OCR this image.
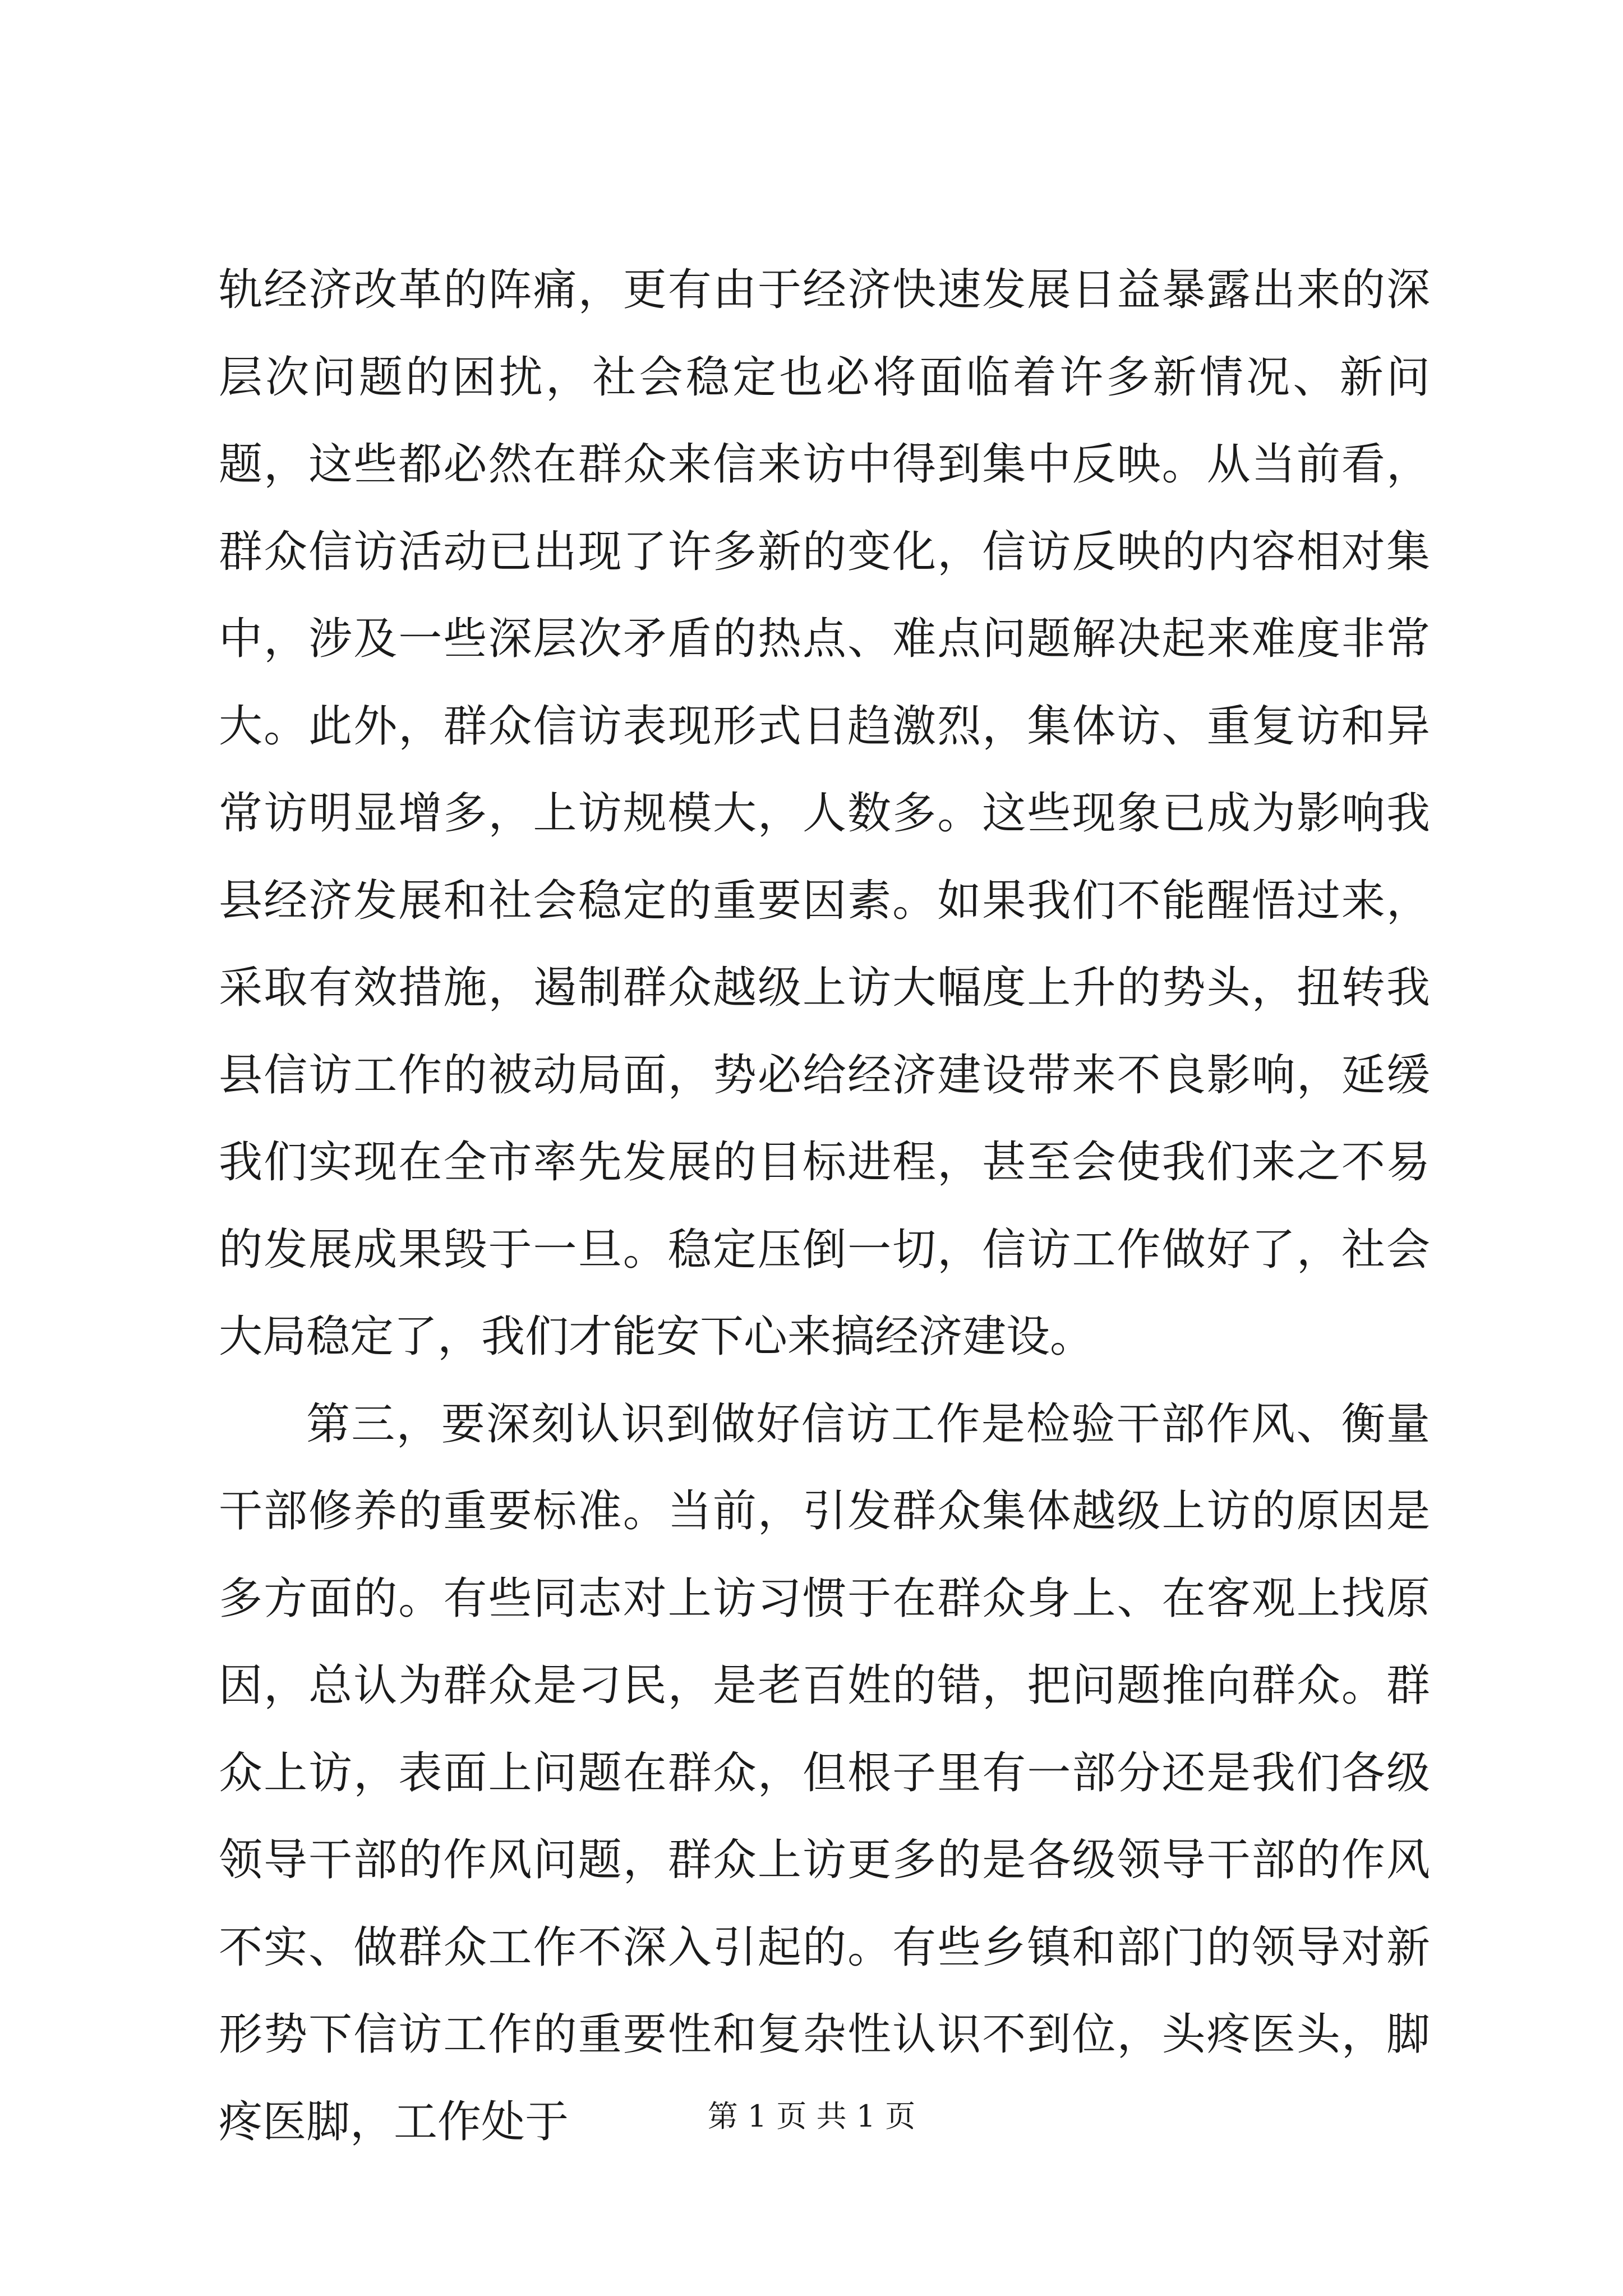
轨经济改革的阵痛，更有由于经济快速发展日益暴露出来的深层次问题的困扰，社会稳定也必将面临着许多新情况、新问题，这些都必然在群众来信来访中得到集中反映。从当前看，群众信访活动已出现了许多新的变化，信访反映的内容相对集中，涉及一些深层次矛盾的热点、难点问题解决起来难度非常大。此外，群众信访表现形式日趋激烈，集体访、重复访和异常访明显增多，上访规模大，人数多。这些现象已成为影响我县经济发展和社会稳定的重要因素。如果我们不能醒悟过来，采取有效措施，遏制群众越级上访大幅度上升的势头，扭转我县信访工作的被动局面，势必给经济建设带来不良影响，延缓我们实现在全市率先发展的目标进程，甚至会使我们来之不易的发展成果毁于一旦。稳定压倒一切，信访工作做好了，社会大局稳定了，我们才能安下心来搞经济建设。

第三，要深刻认识到做好信访工作是检验干部作风、衡量干部修养的重要标准。当前，引发群众集体越级上访的原因是多方面的。有些同志对上访习惯于在群众身上、在客观上找原因，总认为群众是刁民，是老百姓的错，把问题推向群众。群众上访，表面上问题在群众，但根子里有一部分还是我们各级领导干部的作风问题，群众上访更多的是各级领导干部的作风不实、做群众工作不深入引起的。有些乡镇和部门的领导对新形势下信访工作的重要性和复杂性认识不到位，头疼医头，脚疼医脚，工作处于	第 1 页 共 1 页
